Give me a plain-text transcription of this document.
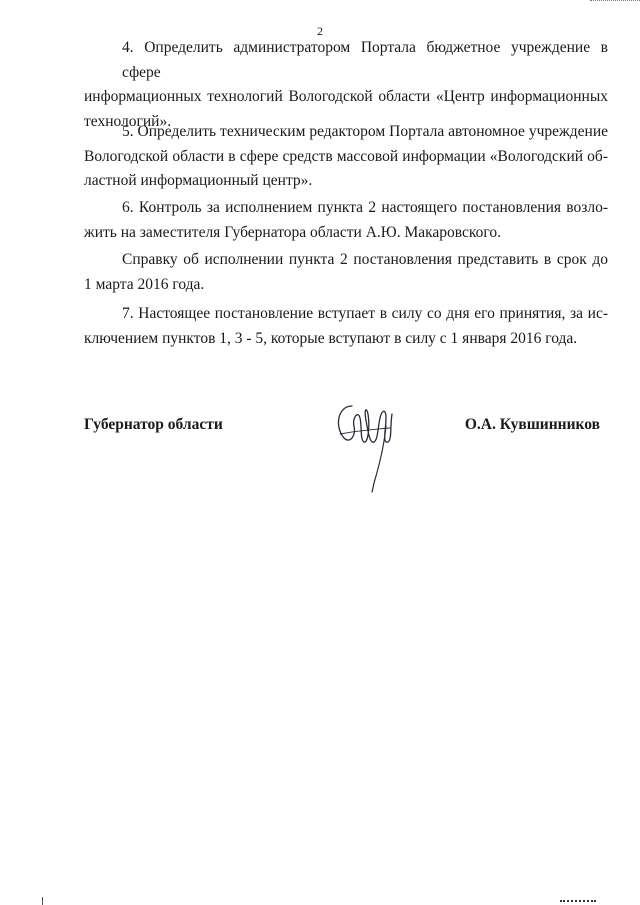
2

4. Определить администратором Портала бюджетное учреждение в сфере
информационных технологий Вологодской области «Центр информационных
технологий».

5. Определить техническим редактором Портала автономное учреждение
Вологодской области в сфере средств массовой информации «Вологодский об-
ластной информационный центр».

6. Контроль за исполнением пункта 2 настоящего постановления возло-
жить на заместителя Губернатора области А.Ю. Макаровского.

Справку об исполнении пункта 2 постановления представить в срок до
1 марта 2016 года.

7. Настоящее постановление вступает в силу со дня его принятия, за ис-
ключением пунктов 1, 3 - 5, которые вступают в силу с 1 января 2016 года.

Губернатор области	О.А. Кувшинников
